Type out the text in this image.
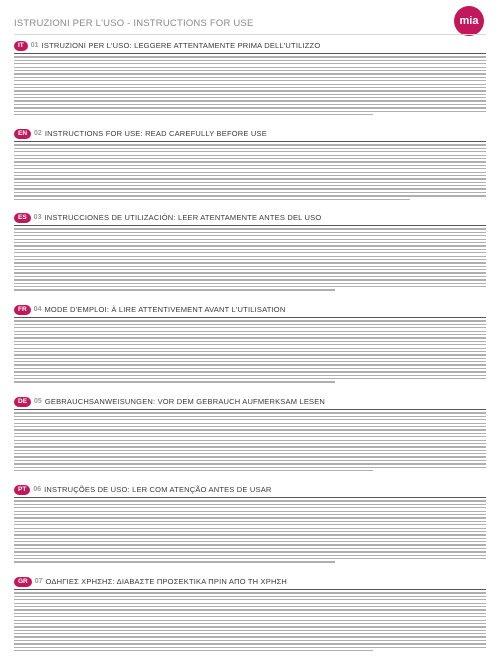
ISTRUZIONI PER L'USO - INSTRUCTIONS FOR USE	mia
IT	01 ISTRUZIONI PER L'USO: LEGGERE ATTENTAMENTE PRIMA DELL'UTILIZZO
EN	02 INSTRUCTIONS FOR USE: READ CAREFULLY BEFORE USE
ES	03 INSTRUCCIONES DE UTILIZACIÓN: LEER ATENTAMENTE ANTES DEL USO
FR	04 MODE D'EMPLOI: À LIRE ATTENTIVEMENT AVANT L'UTILISATION
DE	05 GEBRAUCHSANWEISUNGEN: VOR DEM GEBRAUCH AUFMERKSAM LESEN
PT	06 INSTRUÇÕES DE USO: LER COM ATENÇÃO ANTES DE USAR
GR	07 ΟΔΗΓΙΕΣ ΧΡΗΣΗΣ: ΔΙΑΒΑΣΤΕ ΠΡΟΣΕΚΤΙΚΑ ΠΡΙΝ ΑΠΟ ΤΗ ΧΡΗΣΗ
